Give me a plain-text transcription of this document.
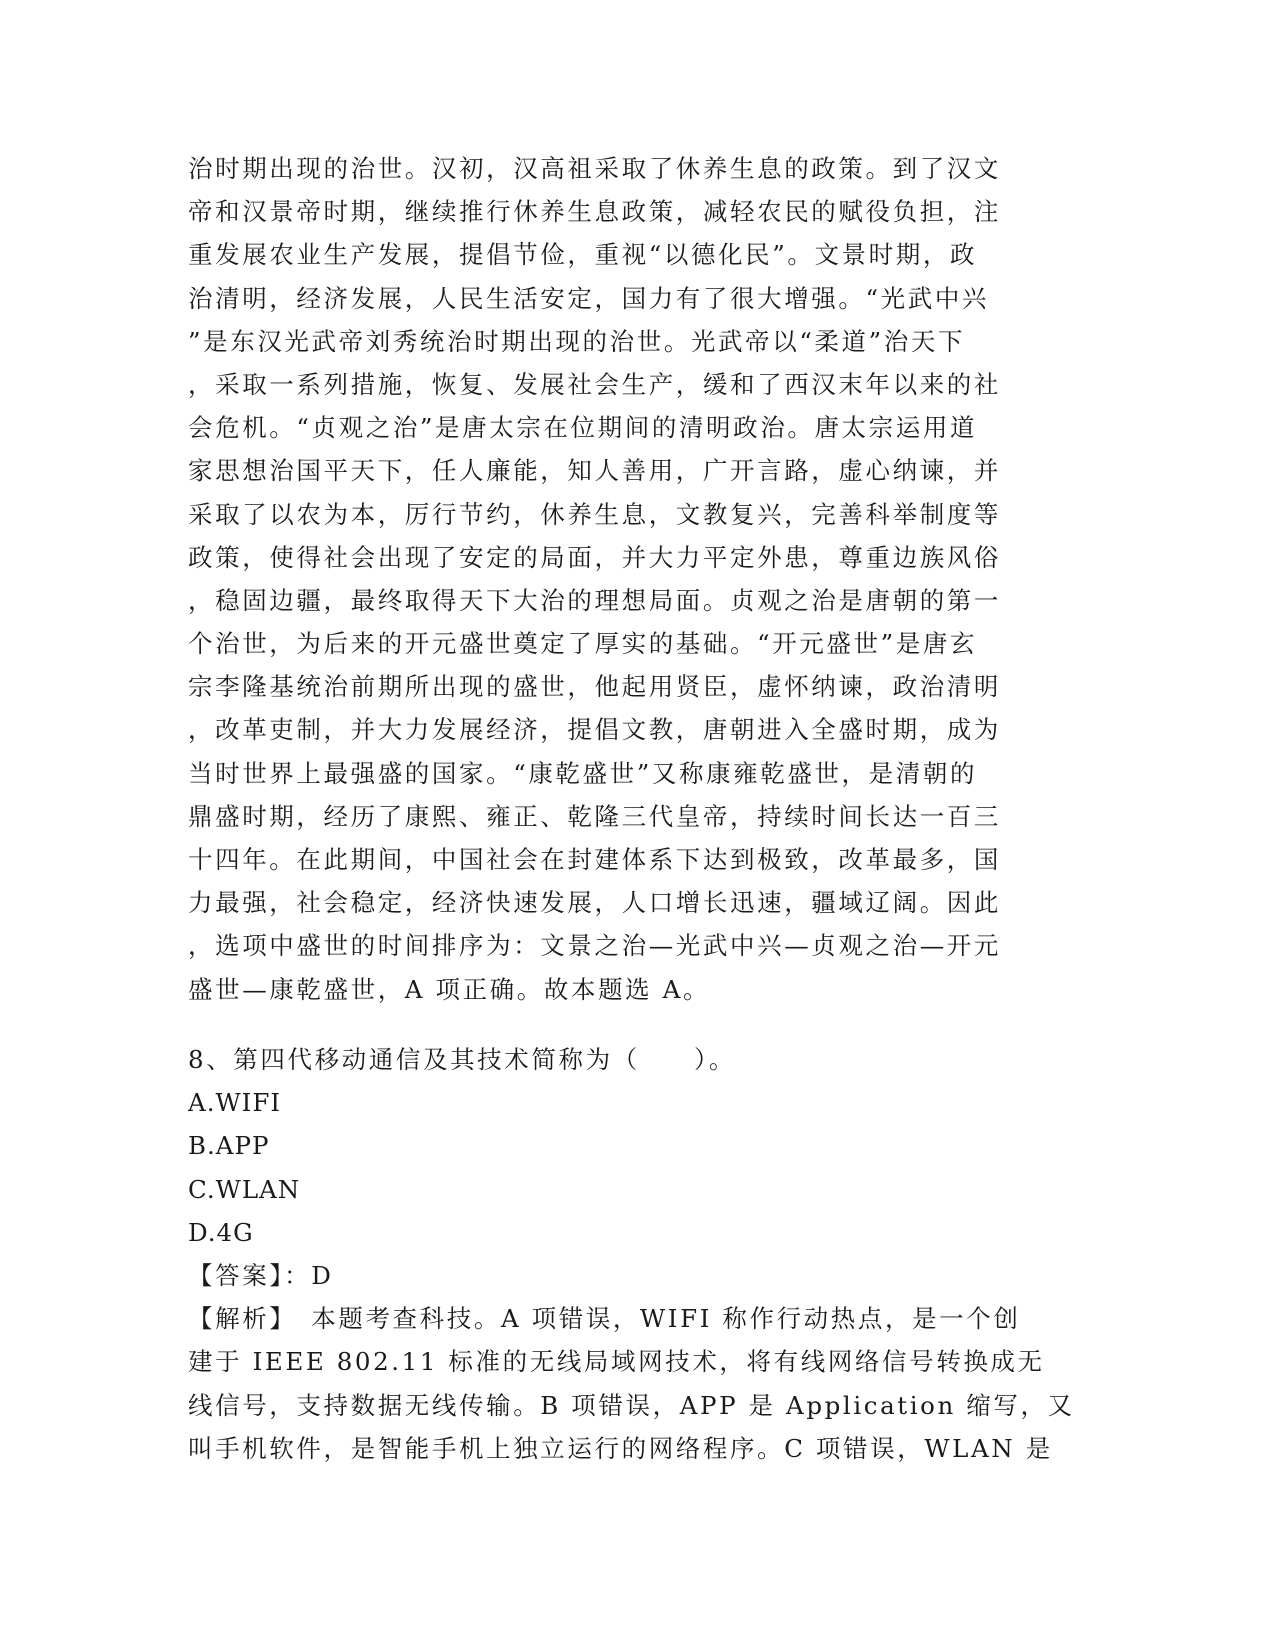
治时期出现的治世。汉初，汉高祖采取了休养生息的政策。到了汉文
帝和汉景帝时期，继续推行休养生息政策，减轻农民的赋役负担，注
重发展农业生产发展，提倡节俭，重视“以德化民”。文景时期，政
治清明，经济发展，人民生活安定，国力有了很大增强。“光武中兴
”是东汉光武帝刘秀统治时期出现的治世。光武帝以“柔道”治天下
，采取一系列措施，恢复、发展社会生产，缓和了西汉末年以来的社
会危机。“贞观之治”是唐太宗在位期间的清明政治。唐太宗运用道
家思想治国平天下，任人廉能，知人善用，广开言路，虚心纳谏，并
采取了以农为本，厉行节约，休养生息，文教复兴，完善科举制度等
政策，使得社会出现了安定的局面，并大力平定外患，尊重边族风俗
，稳固边疆，最终取得天下大治的理想局面。贞观之治是唐朝的第一
个治世，为后来的开元盛世奠定了厚实的基础。“开元盛世”是唐玄
宗李隆基统治前期所出现的盛世，他起用贤臣，虚怀纳谏，政治清明
，改革吏制，并大力发展经济，提倡文教，唐朝进入全盛时期，成为
当时世界上最强盛的国家。“康乾盛世”又称康雍乾盛世，是清朝的
鼎盛时期，经历了康熙、雍正、乾隆三代皇帝，持续时间长达一百三
十四年。在此期间，中国社会在封建体系下达到极致，改革最多，国
力最强，社会稳定，经济快速发展，人口增长迅速，疆域辽阔。因此
，选项中盛世的时间排序为：文景之治—光武中兴—贞观之治—开元
盛世—康乾盛世，A 项正确。故本题选 A。
8、第四代移动通信及其技术简称为（　　）。
A.WIFI
B.APP
C.WLAN
D.4G
【答案】：D
【解析】　本题考查科技。A 项错误，WIFI 称作行动热点，是一个创
建于 IEEE 802.11 标准的无线局域网技术，将有线网络信号转换成无
线信号，支持数据无线传输。B 项错误，APP 是 Application 缩写，又
叫手机软件，是智能手机上独立运行的网络程序。C 项错误，WLAN 是
